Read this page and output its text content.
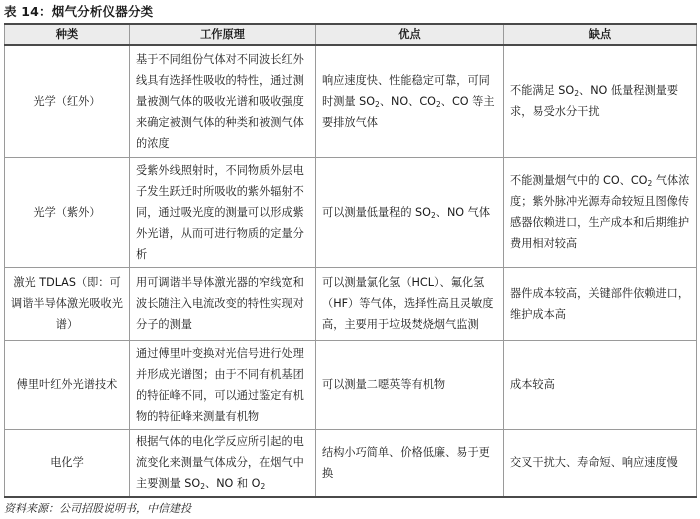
表 14：烟气分析仪器分类
种类	工作原理	优点	缺点
光学（红外）	基于不同组份气体对不同波长红外线具有选择性吸收的特性，通过测量被测气体的吸收光谱和吸收强度来确定被测气体的种类和被测气体的浓度	响应速度快、性能稳定可靠，可同时测量 $SO_2$、NO、$CO_2$、CO 等主要排放气体	不能满足 $SO_2$、NO 低量程测量要求，易受水分干扰
光学（紫外）	受紫外线照射时，不同物质外层电子发生跃迁时所吸收的紫外辐射不同，通过吸光度的测量可以形成紫外光谱，从而可进行物质的定量分析	可以测量低量程的 $SO_2$、NO 气体	不能测量烟气中的 CO、$CO_2$ 气体浓度；紫外脉冲光源寿命较短且图像传感器依赖进口，生产成本和后期维护费用相对较高
激光 TDLAS（即：可调谐半导体激光吸收光谱）	用可调谐半导体激光器的窄线宽和波长随注入电流改变的特性实现对分子的测量	可以测量氯化氢（HCL）、氟化氢（HF）等气体，选择性高且灵敏度高，主要用于垃圾焚烧烟气监测	器件成本较高，关键部件依赖进口，维护成本高
傅里叶红外光谱技术	通过傅里叶变换对光信号进行处理并形成光谱图；由于不同有机基团的特征峰不同，可以通过鉴定有机物的特征峰来测量有机物	可以测量二噁英等有机物	成本较高
电化学	根据气体的电化学反应所引起的电流变化来测量气体成分，在烟气中主要测量 $SO_2$、NO 和 $O_2$	结构小巧简单、价格低廉、易于更换	交叉干扰大、寿命短、响应速度慢
资料来源：公司招股说明书，中信建投
